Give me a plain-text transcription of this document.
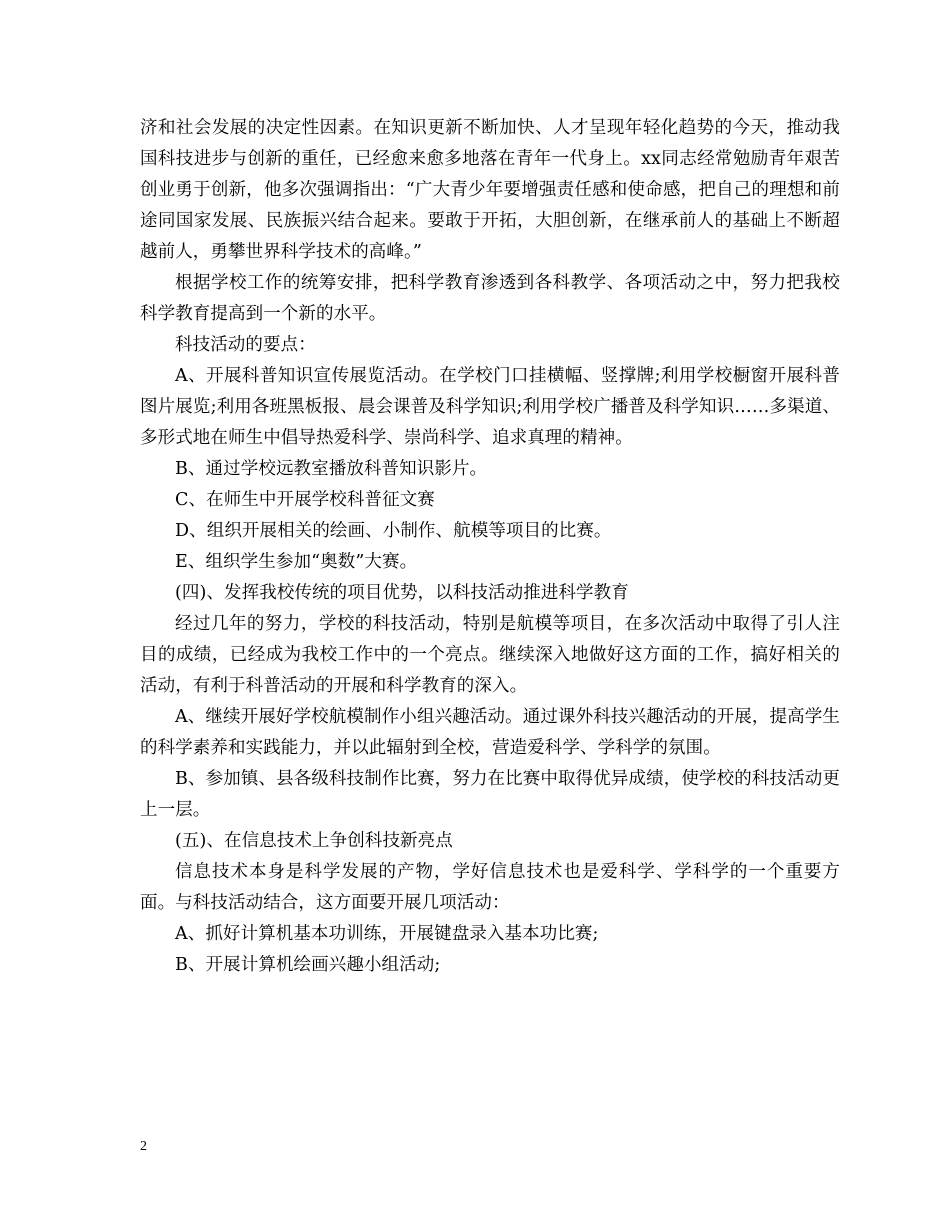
济和社会发展的决定性因素。在知识更新不断加快、人才呈现年轻化趋势的今天，推动我国科技进步与创新的重任，已经愈来愈多地落在青年一代身上。xx同志经常勉励青年艰苦创业勇于创新，他多次强调指出：“广大青少年要增强责任感和使命感，把自己的理想和前途同国家发展、民族振兴结合起来。要敢于开拓，大胆创新，在继承前人的基础上不断超越前人，勇攀世界科学技术的高峰。”

根据学校工作的统筹安排，把科学教育渗透到各科教学、各项活动之中，努力把我校科学教育提高到一个新的水平。

科技活动的要点：

A、开展科普知识宣传展览活动。在学校门口挂横幅、竖撑牌;利用学校橱窗开展科普图片展览;利用各班黑板报、晨会课普及科学知识;利用学校广播普及科学知识……多渠道、多形式地在师生中倡导热爱科学、崇尚科学、追求真理的精神。

B、通过学校远教室播放科普知识影片。

C、在师生中开展学校科普征文赛

D、组织开展相关的绘画、小制作、航模等项目的比赛。

E、组织学生参加“奥数”大赛。

(四)、发挥我校传统的项目优势，以科技活动推进科学教育

经过几年的努力，学校的科技活动，特别是航模等项目，在多次活动中取得了引人注目的成绩，已经成为我校工作中的一个亮点。继续深入地做好这方面的工作，搞好相关的活动，有利于科普活动的开展和科学教育的深入。

A、继续开展好学校航模制作小组兴趣活动。通过课外科技兴趣活动的开展，提高学生的科学素养和实践能力，并以此辐射到全校，营造爱科学、学科学的氛围。

B、参加镇、县各级科技制作比赛，努力在比赛中取得优异成绩，使学校的科技活动更上一层。

(五)、在信息技术上争创科技新亮点

信息技术本身是科学发展的产物，学好信息技术也是爱科学、学科学的一个重要方面。与科技活动结合，这方面要开展几项活动：

A、抓好计算机基本功训练，开展键盘录入基本功比赛;

B、开展计算机绘画兴趣小组活动;

2
